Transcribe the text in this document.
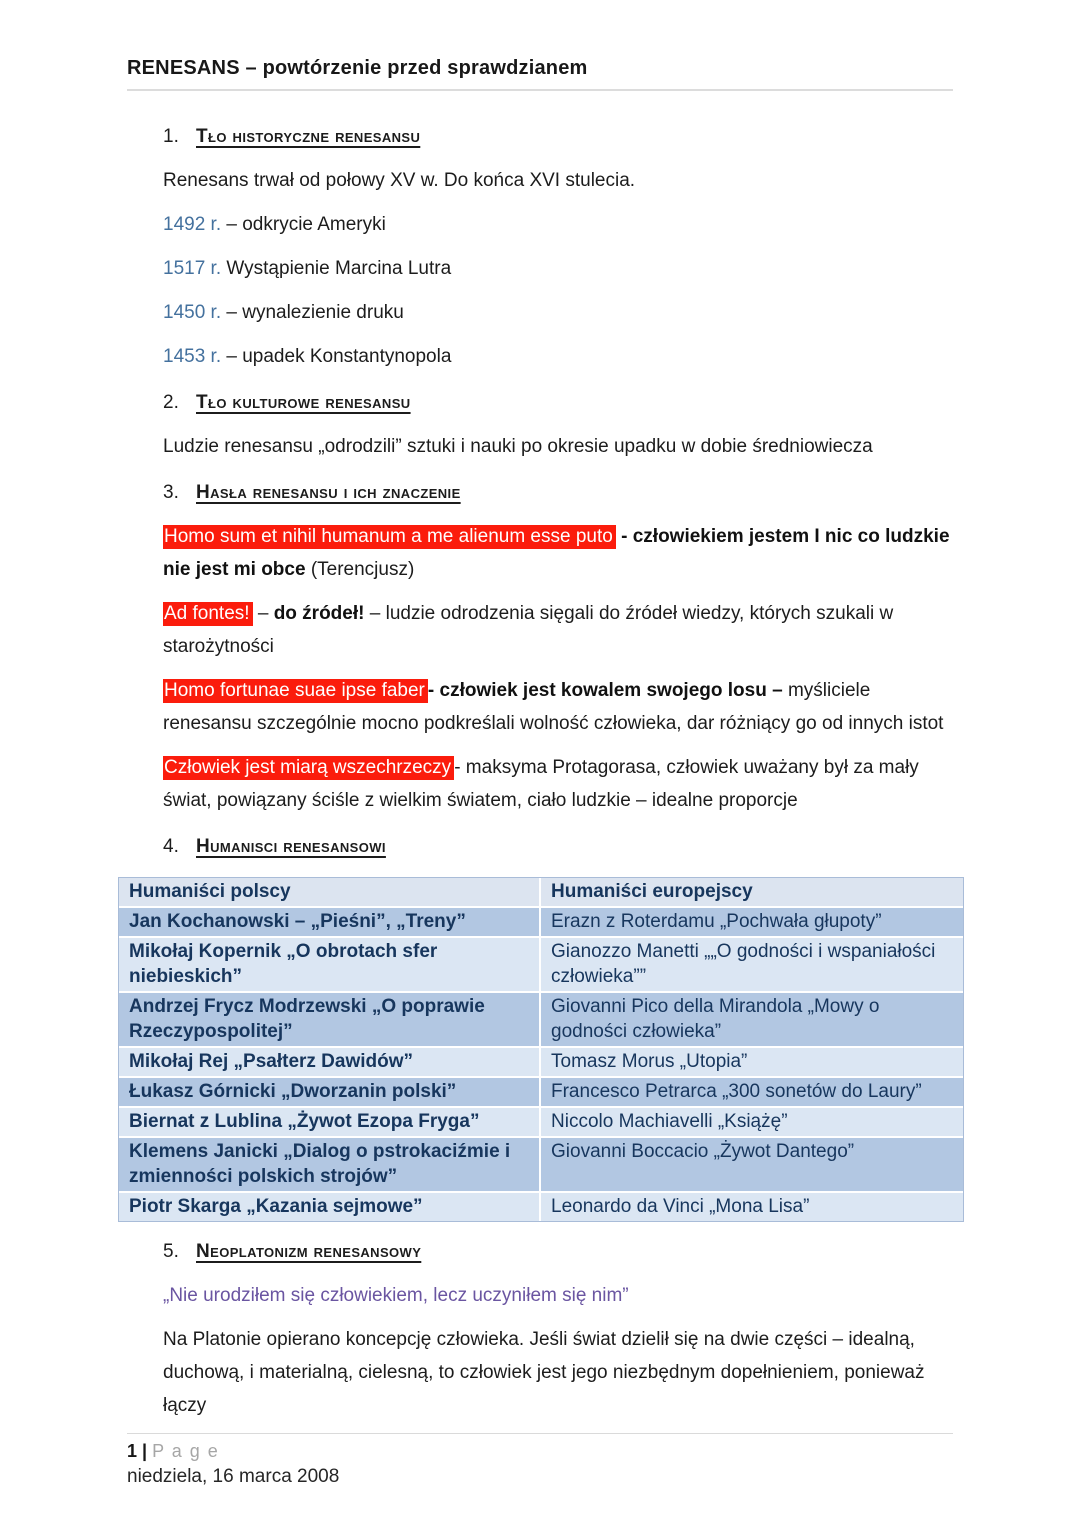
RENESANS – powtórzenie przed sprawdzianem
1. Tło historyczne renesansu
Renesans trwał od połowy XV w. Do końca XVI stulecia.
1492 r. – odkrycie Ameryki
1517 r. Wystąpienie Marcina Lutra
1450 r. – wynalezienie druku
1453 r. – upadek Konstantynopola
2. Tło kulturowe renesansu
Ludzie renesansu „odrodzili” sztuki i nauki po okresie upadku w dobie średniowiecza
3. Hasła renesansu i ich znaczenie
Homo sum et nihil humanum a me alienum esse puto - człowiekiem jestem I nic co ludzkie nie jest mi obce (Terencjusz)
Ad fontes! – do źródeł! – ludzie odrodzenia sięgali do źródeł wiedzy, których szukali w starożytności
Homo fortunae suae ipse faber - człowiek jest kowalem swojego losu – myśliciele renesansu szczególnie mocno podkreślali wolność człowieka, dar różniący go od innych istot
Człowiek jest miarą wszechrzeczy - maksyma Protagorasa, człowiek uważany był za mały świat, powiązany ściśle z wielkim światem, ciało ludzkie – idealne proporcje
4. Humanisci renesansowi
Humaniści polscy	Humaniści europejscy
Jan Kochanowski – „Pieśni”, „Treny”	Erazn z Roterdamu „Pochwała głupoty”
Mikołaj Kopernik „O obrotach sfer niebieskich”	Gianozzo Manetti „„O godności i wspaniałości człowieka””
Andrzej Frycz Modrzewski „O poprawie Rzeczypospolitej”	Giovanni Pico della Mirandola „Mowy o godności człowieka”
Mikołaj Rej „Psałterz Dawidów”	Tomasz Morus „Utopia”
Łukasz Górnicki „Dworzanin polski”	Francesco Petrarca „300 sonetów do Laury”
Biernat z Lublina „Żywot Ezopa Fryga”	Niccolo Machiavelli „Książę”
Klemens Janicki „Dialog o pstrokaciźmie i zmienności polskich strojów”	Giovanni Boccacio „Żywot Dantego”
Piotr Skarga „Kazania sejmowe”	Leonardo da Vinci „Mona Lisa”
5. Neoplatonizm renesansowy
„Nie urodziłem się człowiekiem, lecz uczyniłem się nim”
Na Platonie opierano koncepcję człowieka. Jeśli świat dzielił się na dwie części – idealną, duchową, i materialną, cielesną, to człowiek jest jego niezbędnym dopełnieniem, ponieważ łączy
1 | P a g e
niedziela, 16 marca 2008
